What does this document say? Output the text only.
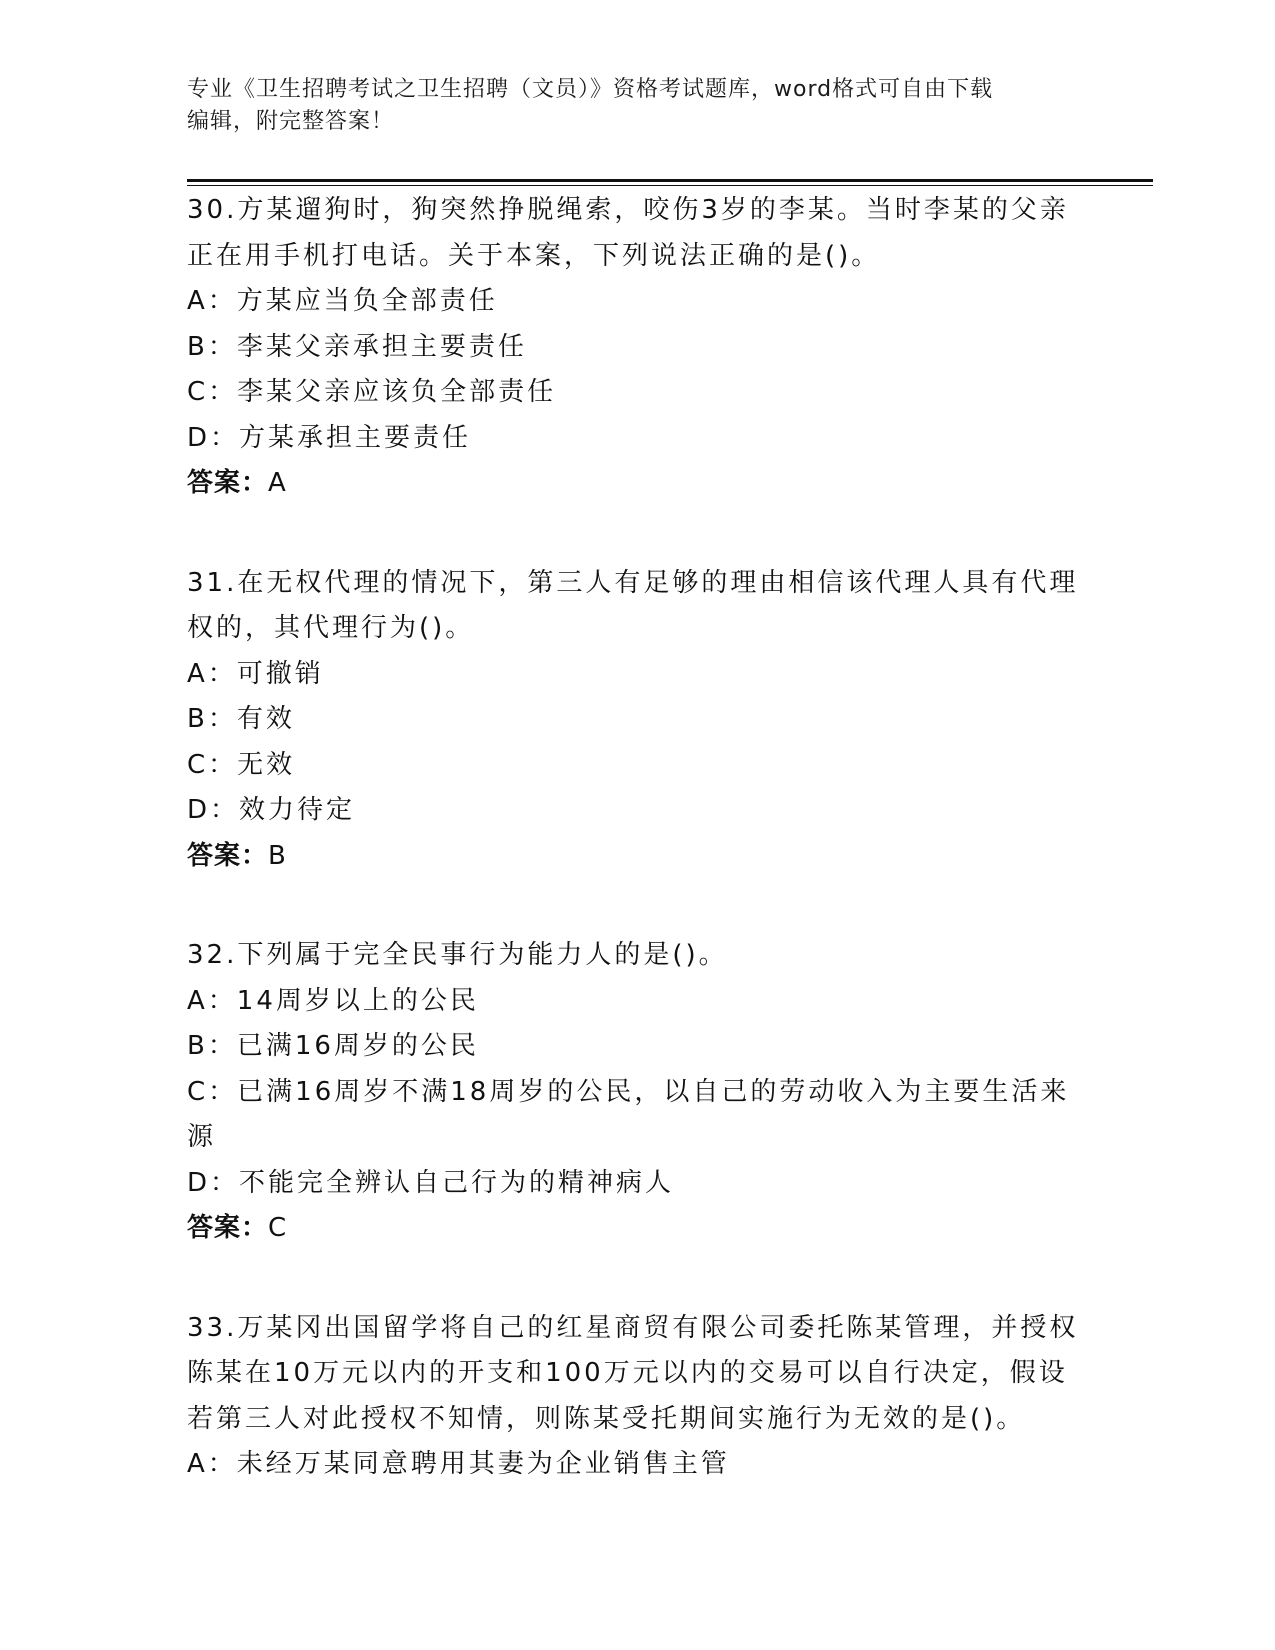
专业《卫生招聘考试之卫生招聘（文员）》资格考试题库，word格式可自由下载
编辑，附完整答案！
30.方某遛狗时，狗突然挣脱绳索，咬伤3岁的李某。当时李某的父亲
正在用手机打电话。关于本案，下列说法正确的是()。
A：方某应当负全部责任
B：李某父亲承担主要责任
C：李某父亲应该负全部责任
D：方某承担主要责任
答案：A
31.在无权代理的情况下，第三人有足够的理由相信该代理人具有代理
权的，其代理行为()。
A：可撤销
B：有效
C：无效
D：效力待定
答案：B
32.下列属于完全民事行为能力人的是()。
A：14周岁以上的公民
B：已满16周岁的公民
C：已满16周岁不满18周岁的公民，以自己的劳动收入为主要生活来
源
D：不能完全辨认自己行为的精神病人
答案：C
33.万某冈出国留学将自己的红星商贸有限公司委托陈某管理，并授权
陈某在10万元以内的开支和100万元以内的交易可以自行决定，假设
若第三人对此授权不知情，则陈某受托期间实施行为无效的是()。
A：未经万某同意聘用其妻为企业销售主管
